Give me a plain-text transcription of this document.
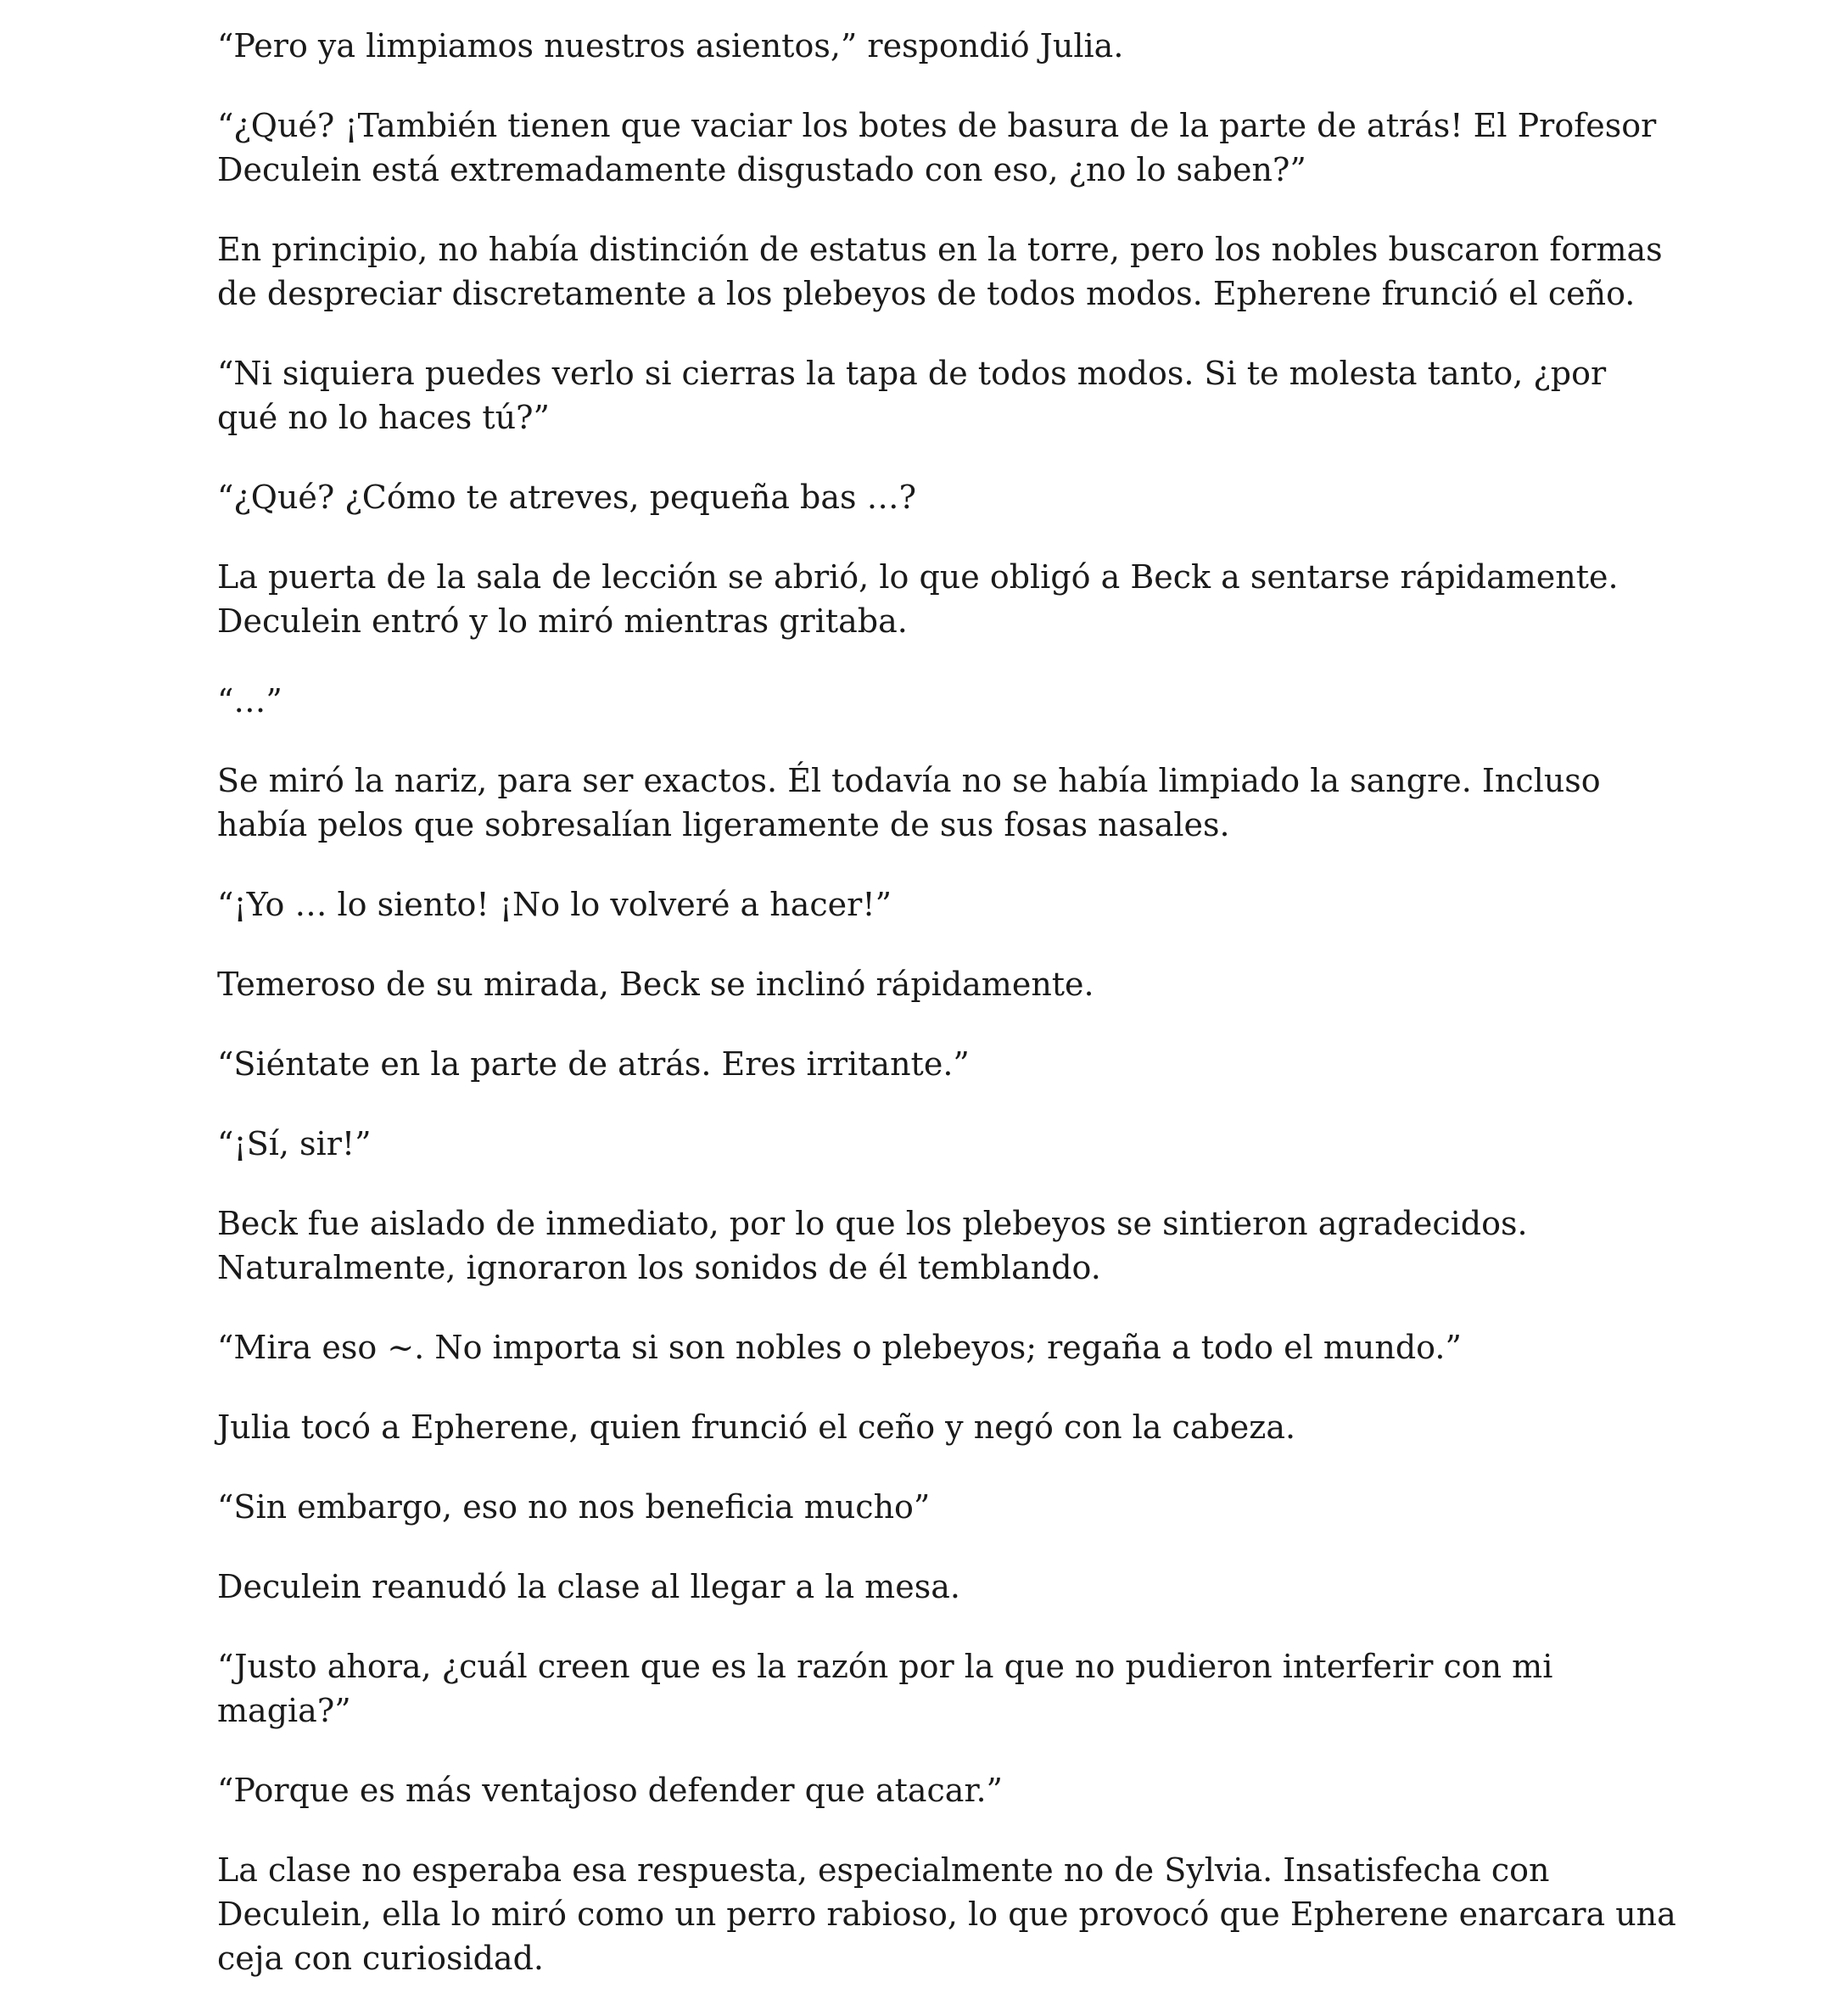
“Pero ya limpiamos nuestros asientos,” respondió Julia.

“¿Qué? ¡También tienen que vaciar los botes de basura de la parte de atrás! El Profesor Deculein está extremadamente disgustado con eso, ¿no lo saben?”

En principio, no había distinción de estatus en la torre, pero los nobles buscaron formas de despreciar discretamente a los plebeyos de todos modos. Epherene frunció el ceño.

“Ni siquiera puedes verlo si cierras la tapa de todos modos. Si te molesta tanto, ¿por qué no lo haces tú?”

“¿Qué? ¿Cómo te atreves, pequeña bas …?

La puerta de la sala de lección se abrió, lo que obligó a Beck a sentarse rápidamente. Deculein entró y lo miró mientras gritaba.

“…”

Se miró la nariz, para ser exactos. Él todavía no se había limpiado la sangre. Incluso había pelos que sobresalían ligeramente de sus fosas nasales.

“¡Yo … lo siento! ¡No lo volveré a hacer!”

Temeroso de su mirada, Beck se inclinó rápidamente.

“Siéntate en la parte de atrás. Eres irritante.”

“¡Sí, sir!”

Beck fue aislado de inmediato, por lo que los plebeyos se sintieron agradecidos. Naturalmente, ignoraron los sonidos de él temblando.

“Mira eso ~. No importa si son nobles o plebeyos; regaña a todo el mundo.”

Julia tocó a Epherene, quien frunció el ceño y negó con la cabeza.

“Sin embargo, eso no nos beneficia mucho”

Deculein reanudó la clase al llegar a la mesa.

“Justo ahora, ¿cuál creen que es la razón por la que no pudieron interferir con mi magia?”

“Porque es más ventajoso defender que atacar.”

La clase no esperaba esa respuesta, especialmente no de Sylvia. Insatisfecha con Deculein, ella lo miró como un perro rabioso, lo que provocó que Epherene enarcara una ceja con curiosidad.
